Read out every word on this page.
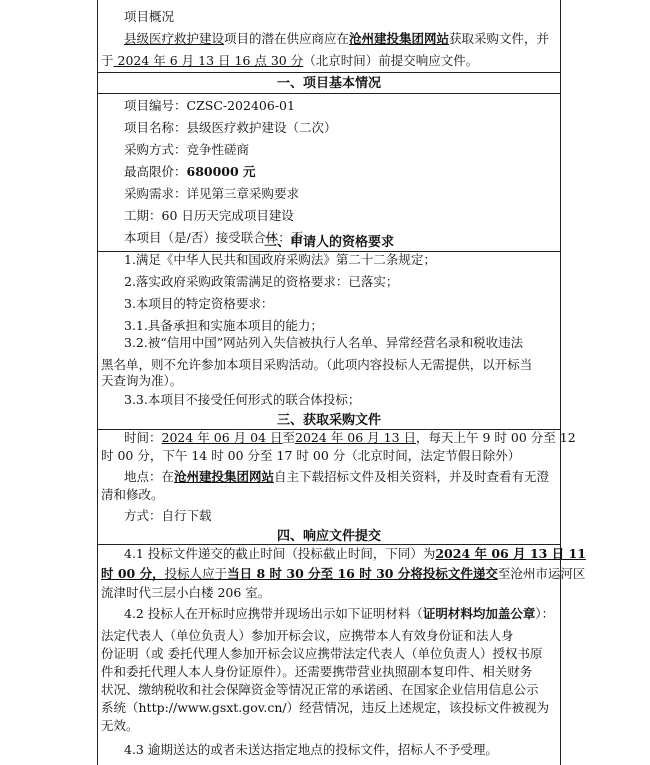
项目概况
县级医疗救护建设项目的潜在供应商应在沧州建投集团网站获取采购文件，并
于 2024 年 6 月 13 日 16 点 30 分（北京时间）前提交响应文件。
一、项目基本情况
项目编号：CZSC-202406-01
项目名称：县级医疗救护建设（二次）
采购方式：竞争性磋商
最高限价：680000 元
采购需求：详见第三章采购要求
工期：60 日历天完成项目建设
本项目（是/否）接受联合体：否
二、申请人的资格要求
1.满足《中华人民共和国政府采购法》第二十二条规定；
2.落实政府采购政策需满足的资格要求：已落实；
3.本项目的特定资格要求：
3.1.具备承担和实施本项目的能力；
3.2.被“信用中国”网站列入失信被执行人名单、异常经营名录和税收违法
黑名单，则不允许参加本项目采购活动。（此项内容投标人无需提供，以开标当
天查询为准）。
3.3.本项目不接受任何形式的联合体投标；
三、获取采购文件
时间：2024 年 06 月 04 日至2024 年 06 月 13 日，每天上午 9 时 00 分至 12
时 00 分，下午 14 时 00 分至 17 时 00 分（北京时间，法定节假日除外）
地点：在沧州建投集团网站自主下载招标文件及相关资料，并及时查看有无澄
清和修改。
方式：自行下载
四、响应文件提交
4.1 投标文件递交的截止时间（投标截止时间，下同）为2024 年 06 月 13 日 11
时 00 分，投标人应于当日 8 时 30 分至 16 时 30 分将投标文件递交至沧州市运河区
流津时代三层小白楼 206 室。
4.2 投标人在开标时应携带并现场出示如下证明材料（证明材料均加盖公章）：
法定代表人（单位负责人）参加开标会议，应携带本人有效身份证和法人身
份证明（或 委托代理人参加开标会议应携带法定代表人（单位负责人）授权书原
件和委托代理人本人身份证原件）。还需要携带营业执照副本复印件、相关财务
状况、缴纳税收和社会保障资金等情况正常的承诺函、在国家企业信用信息公示
系统（http://www.gsxt.gov.cn/）经营情况，违反上述规定，该投标文件被视为
无效。
4.3 逾期送达的或者未送达指定地点的投标文件，招标人不予受理。
